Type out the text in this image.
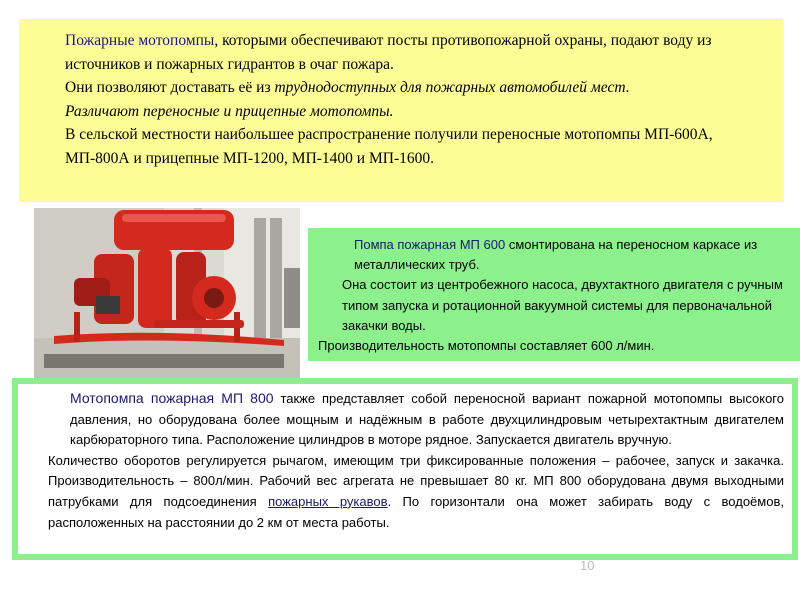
Пожарные мотопомпы, которыми обеспечивают посты противопожарной охраны, подают воду из источников и пожарных гидрантов в очаг пожара.

Они позволяют доставать её из труднодоступных для пожарных автомобилей мест.

Различают переносные и прицепные мотопомпы.

В сельской местности наибольшее распространение получили переносные мотопомпы МП-600А, МП-800А и прицепные МП-1200, МП-1400 и МП-1600.

Помпа пожарная МП 600 смонтирована на переносном каркасе из металлических труб.

Она состоит из центробежного насоса, двухтактного двигателя с ручным типом запуска и ротационной вакуумной системы для первоначальной закачки воды.

Производительность мотопомпы составляет 600 л/мин.

Мотопомпа пожарная МП 800 также представляет собой переносной вариант пожарной мотопомпы высокого давления, но оборудована более мощным и надёжным в работе двухцилиндровым четырехтактным двигателем карбюраторного типа. Расположение цилиндров в моторе рядное. Запускается двигатель вручную.

Количество оборотов регулируется рычагом, имеющим три фиксированные положения – рабочее, запуск и закачка. Производительность – 800л/мин. Рабочий вес агрегата не превышает 80 кг. МП 800 оборудована двумя выходными патрубками для подсоединения пожарных рукавов. По горизонтали она может забирать воду с водоёмов, расположенных на расстоянии до 2 км от места работы.

10
